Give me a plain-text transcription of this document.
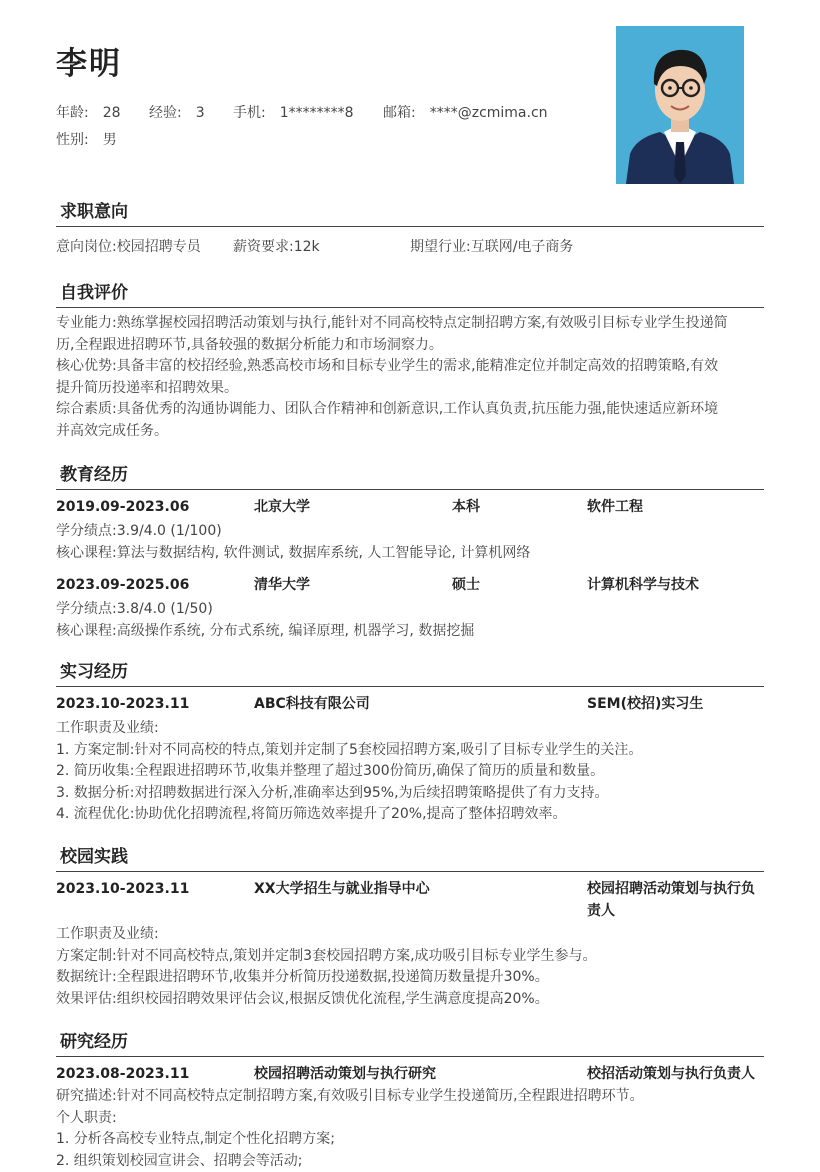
李明
年龄: 28 经验: 3 手机: 1********8 邮箱: ****@zcmima.cn
性别: 男
求职意向
意向岗位:校园招聘专员 薪资要求:12k	期望行业:互联网/电子商务
自我评价
专业能力:熟练掌握校园招聘活动策划与执行,能针对不同高校特点定制招聘方案,有效吸引目标专业学生投递简
历,全程跟进招聘环节,具备较强的数据分析能力和市场洞察力。
核心优势:具备丰富的校招经验,熟悉高校市场和目标专业学生的需求,能精准定位并制定高效的招聘策略,有效
提升简历投递率和招聘效果。
综合素质:具备优秀的沟通协调能力、团队合作精神和创新意识,工作认真负责,抗压能力强,能快速适应新环境
并高效完成任务。
教育经历
2019.09-2023.06	北京大学	本科	软件工程
学分绩点:3.9/4.0 (1/100)
核心课程:算法与数据结构, 软件测试, 数据库系统, 人工智能导论, 计算机网络
2023.09-2025.06	清华大学	硕士	计算机科学与技术
学分绩点:3.8/4.0 (1/50)
核心课程:高级操作系统, 分布式系统, 编译原理, 机器学习, 数据挖掘
实习经历
2023.10-2023.11	ABC科技有限公司	SEM(校招)实习生
工作职责及业绩:
1. 方案定制:针对不同高校的特点,策划并定制了5套校园招聘方案,吸引了目标专业学生的关注。
2. 简历收集:全程跟进招聘环节,收集并整理了超过300份简历,确保了简历的质量和数量。
3. 数据分析:对招聘数据进行深入分析,准确率达到95%,为后续招聘策略提供了有力支持。
4. 流程优化:协助优化招聘流程,将简历筛选效率提升了20%,提高了整体招聘效率。
校园实践
2023.10-2023.11	XX大学招生与就业指导中心	校园招聘活动策划与执行负责人
工作职责及业绩:
方案定制:针对不同高校特点,策划并定制3套校园招聘方案,成功吸引目标专业学生参与。
数据统计:全程跟进招聘环节,收集并分析简历投递数据,投递简历数量提升30%。
效果评估:组织校园招聘效果评估会议,根据反馈优化流程,学生满意度提高20%。
研究经历
2023.08-2023.11	校园招聘活动策划与执行研究	校招活动策划与执行负责人
研究描述:针对不同高校特点定制招聘方案,有效吸引目标专业学生投递简历,全程跟进招聘环节。
个人职责:
1. 分析各高校专业特点,制定个性化招聘方案;
2. 组织策划校园宣讲会、招聘会等活动;
